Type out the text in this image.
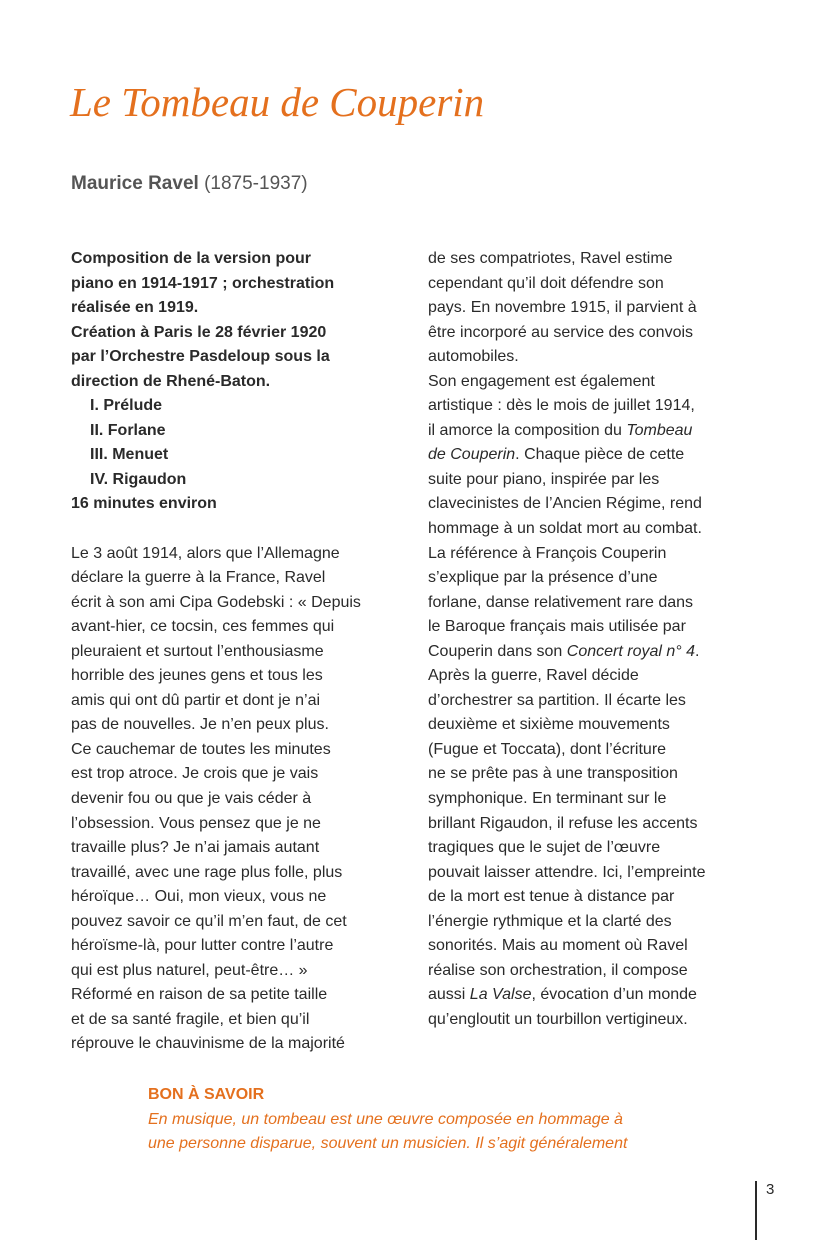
Le Tombeau de Couperin
Maurice Ravel (1875-1937)
Composition de la version pour
piano en 1914-1917 ; orchestration
réalisée en 1919.
Création à Paris le 28 février 1920
par l’Orchestre Pasdeloup sous la
direction de Rhené-Baton.
I. Prélude
II. Forlane
III. Menuet
IV. Rigaudon
16 minutes environ
Le 3 août 1914, alors que l’Allemagne
déclare la guerre à la France, Ravel
écrit à son ami Cipa Godebski : « Depuis
avant-hier, ce tocsin, ces femmes qui
pleuraient et surtout l’enthousiasme
horrible des jeunes gens et tous les
amis qui ont dû partir et dont je n’ai
pas de nouvelles. Je n’en peux plus.
Ce cauchemar de toutes les minutes
est trop atroce. Je crois que je vais
devenir fou ou que je vais céder à
l’obsession. Vous pensez que je ne
travaille plus? Je n’ai jamais autant
travaillé, avec une rage plus folle, plus
héroïque… Oui, mon vieux, vous ne
pouvez savoir ce qu’il m’en faut, de cet
héroïsme-là, pour lutter contre l’autre
qui est plus naturel, peut-être… »
Réformé en raison de sa petite taille
et de sa santé fragile, et bien qu’il
réprouve le chauvinisme de la majorité
de ses compatriotes, Ravel estime
cependant qu’il doit défendre son
pays. En novembre 1915, il parvient à
être incorporé au service des convois
automobiles.
Son engagement est également
artistique : dès le mois de juillet 1914,
il amorce la composition du Tombeau
de Couperin. Chaque pièce de cette
suite pour piano, inspirée par les
clavecinistes de l’Ancien Régime, rend
hommage à un soldat mort au combat.
La référence à François Couperin
s’explique par la présence d’une
forlane, danse relativement rare dans
le Baroque français mais utilisée par
Couperin dans son Concert royal n° 4.
Après la guerre, Ravel décide
d’orchestrer sa partition. Il écarte les
deuxième et sixième mouvements
(Fugue et Toccata), dont l’écriture
ne se prête pas à une transposition
symphonique. En terminant sur le
brillant Rigaudon, il refuse les accents
tragiques que le sujet de l’œuvre
pouvait laisser attendre. Ici, l’empreinte
de la mort est tenue à distance par
l’énergie rythmique et la clarté des
sonorités. Mais au moment où Ravel
réalise son orchestration, il compose
aussi La Valse, évocation d’un monde
qu’engloutit un tourbillon vertigineux.
BON À SAVOIR
En musique, un tombeau est une œuvre composée en hommage à
une personne disparue, souvent un musicien. Il s’agit généralement
3
